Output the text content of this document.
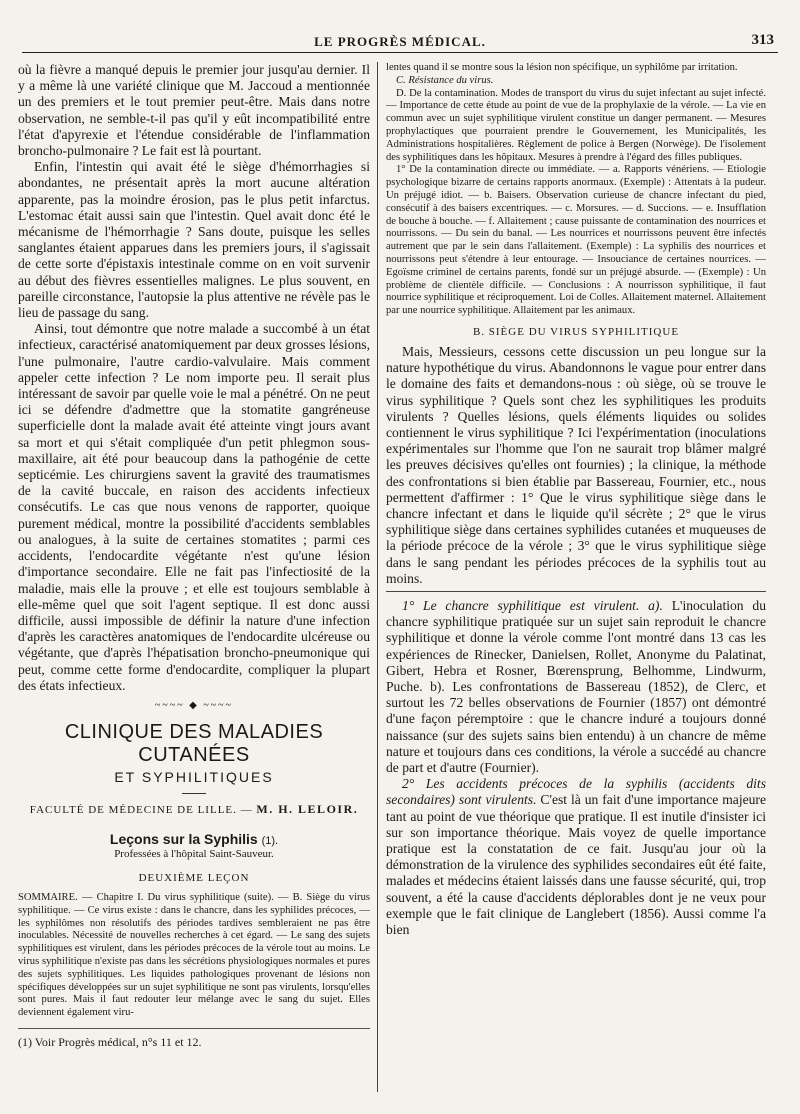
LE PROGRÈS MÉDICAL.	313

où la fièvre a manqué depuis le premier jour jusqu'au dernier. Il y a même là une variété clinique que M. Jaccoud a mentionnée un des premiers et le tout premier peut-être. Mais dans notre observation, ne semble-t-il pas qu'il y eût incompatibilité entre l'état d'apyrexie et l'étendue considérable de l'inflammation broncho-pulmonaire ? Le fait est là pourtant.

Enfin, l'intestin qui avait été le siège d'hémorrhagies si abondantes, ne présentait après la mort aucune altération apparente, pas la moindre érosion, pas le plus petit infarctus. L'estomac était aussi sain que l'intestin. Quel avait donc été le mécanisme de l'hémorrhagie ? Sans doute, puisque les selles sanglantes étaient apparues dans les premiers jours, il s'agissait de cette sorte d'épistaxis intestinale comme on en voit survenir au début des fièvres essentielles malignes. Le plus souvent, en pareille circonstance, l'autopsie la plus attentive ne révèle pas le lieu de passage du sang.

Ainsi, tout démontre que notre malade a succombé à un état infectieux, caractérisé anatomiquement par deux grosses lésions, l'une pulmonaire, l'autre cardio-valvulaire. Mais comment appeler cette infection ? Le nom importe peu. Il serait plus intéressant de savoir par quelle voie le mal a pénétré. On ne peut ici se défendre d'admettre que la stomatite gangréneuse superficielle dont la malade avait été atteinte vingt jours avant sa mort et qui s'était compliquée d'un petit phlegmon sous-maxillaire, ait été pour beaucoup dans la pathogénie de cette septicémie. Les chirurgiens savent la gravité des traumatismes de la cavité buccale, en raison des accidents infectieux consécutifs. Le cas que nous venons de rapporter, quoique purement médical, montre la possibilité d'accidents semblables ou analogues, à la suite de certaines stomatites ; parmi ces accidents, l'endocardite végétante n'est qu'une lésion d'importance secondaire. Elle ne fait pas l'infectiosité de la maladie, mais elle la prouve ; et elle est toujours semblable à elle-même quel que soit l'agent septique. Il est donc aussi difficile, aussi impossible de définir la nature d'une infection d'après les caractères anatomiques de l'endocardite ulcéreuse ou végétante, que d'après l'hépatisation broncho-pneumonique qui peut, comme cette forme d'endocardite, compliquer la plupart des états infectieux.

~~~~ ◆ ~~~~
CLINIQUE DES MALADIES CUTANÉES
ET SYPHILITIQUES
FACULTÉ DE MÉDECINE DE LILLE. — M. H. LELOIR.
Leçons sur la Syphilis (1).
Professées à l'hôpital Saint-Sauveur.
DEUXIÈME LEÇON

SOMMAIRE. — Chapitre I. Du virus syphilitique (suite). — B. Siège du virus syphilitique. — Ce virus existe : dans le chancre, dans les syphilides précoces, — les syphilômes non résolutifs des périodes tardives sembleraient ne pas être inoculables. Nécessité de nouvelles recherches à cet égard. — Le sang des sujets syphilitiques est virulent, dans les périodes précoces de la vérole tout au moins. Le virus syphilitique n'existe pas dans les sécrétions physiologiques normales et pures des sujets syphilitiques. Les liquides pathologiques provenant de lésions non spécifiques développées sur un sujet syphilitique ne sont pas virulents, lorsqu'elles sont pures. Mais il faut redouter leur mélange avec le sang du sujet. Elles deviennent également viru-

(1) Voir Progrès médical, n°s 11 et 12.

lentes quand il se montre sous la lésion non spécifique, un syphilôme par irritation.

C. Résistance du virus.

D. De la contamination. Modes de transport du virus du sujet infectant au sujet infecté. — Importance de cette étude au point de vue de la prophylaxie de la vérole. — La vie en commun avec un sujet syphilitique virulent constitue un danger permanent. — Mesures prophylactiques que pourraient prendre le Gouvernement, les Municipalités, les Administrations hospitalières. Règlement de police à Bergen (Norwège). De l'isolement des syphilitiques dans les hôpitaux. Mesures à prendre à l'égard des filles publiques.

1° De la contamination directe ou immédiate. — a. Rapports vénériens. — Etiologie psychologique bizarre de certains rapports anormaux. (Exemple) : Attentats à la pudeur. Un préjugé idiot. — b. Baisers. Observation curieuse de chancre infectant du pied, consécutif à des baisers excentriques. — c. Morsures. — d. Succions. — e. Insufflation de bouche à bouche. — f. Allaitement ; cause puissante de contamination des nourrices et nourrissons. — Du sein du banal. — Les nourrices et nourrissons peuvent être infectés autrement que par le sein dans l'allaitement. (Exemple) : La syphilis des nourrices et nourrissons peut s'étendre à leur entourage. — Insouciance de certaines nourrices. — Egoïsme criminel de certains parents, fondé sur un préjugé absurde. — (Exemple) : Un problème de clientèle difficile. — Conclusions : A nourrisson syphilitique, il faut nourrice syphilitique et réciproquement. Loi de Colles. Allaitement maternel. Allaitement par une nourrice syphilitique. Allaitement par les animaux.

B. SIÈGE DU VIRUS SYPHILITIQUE

Mais, Messieurs, cessons cette discussion un peu longue sur la nature hypothétique du virus. Abandonnons le vague pour entrer dans le domaine des faits et demandons-nous : où siège, où se trouve le virus syphilitique ? Quels sont chez les syphilitiques les produits virulents ? Quelles lésions, quels éléments liquides ou solides contiennent le virus syphilitique ? Ici l'expérimentation (inoculations expérimentales sur l'homme que l'on ne saurait trop blâmer malgré les preuves décisives qu'elles ont fournies) ; la clinique, la méthode des confrontations si bien établie par Bassereau, Fournier, etc., nous permettent d'affirmer : 1° Que le virus syphilitique siège dans le chancre infectant et dans le liquide qu'il sécrète ; 2° que le virus syphilitique siège dans certaines syphilides cutanées et muqueuses de la période précoce de la vérole ; 3° que le virus syphilitique siège dans le sang pendant les périodes précoces de la syphilis tout au moins.

1° Le chancre syphilitique est virulent. a). L'inoculation du chancre syphilitique pratiquée sur un sujet sain reproduit le chancre syphilitique et donne la vérole comme l'ont montré dans 13 cas les expériences de Rinecker, Danielsen, Rollet, Anonyme du Palatinat, Gibert, Hebra et Rosner, Bœrensprung, Belhomme, Lindwurm, Puche. b). Les confrontations de Bassereau (1852), de Clerc, et surtout les 72 belles observations de Fournier (1857) ont démontré d'une façon péremptoire : que le chancre induré a toujours donné naissance (sur des sujets sains bien entendu) à un chancre de même nature et toujours dans ces conditions, la vérole a succédé au chancre de part et d'autre (Fournier).

2° Les accidents précoces de la syphilis (accidents dits secondaires) sont virulents. C'est là un fait d'une importance majeure tant au point de vue théorique que pratique. Il est inutile d'insister ici sur son importance théorique. Mais voyez de quelle importance pratique est la constatation de ce fait. Jusqu'au jour où la démonstration de la virulence des syphilides secondaires eût été faite, malades et médecins étaient laissés dans une fausse sécurité, qui, trop souvent, a été la cause d'accidents déplorables dont je ne veux pour exemple que le fait clinique de Langlebert (1856). Aussi comme l'a bien
